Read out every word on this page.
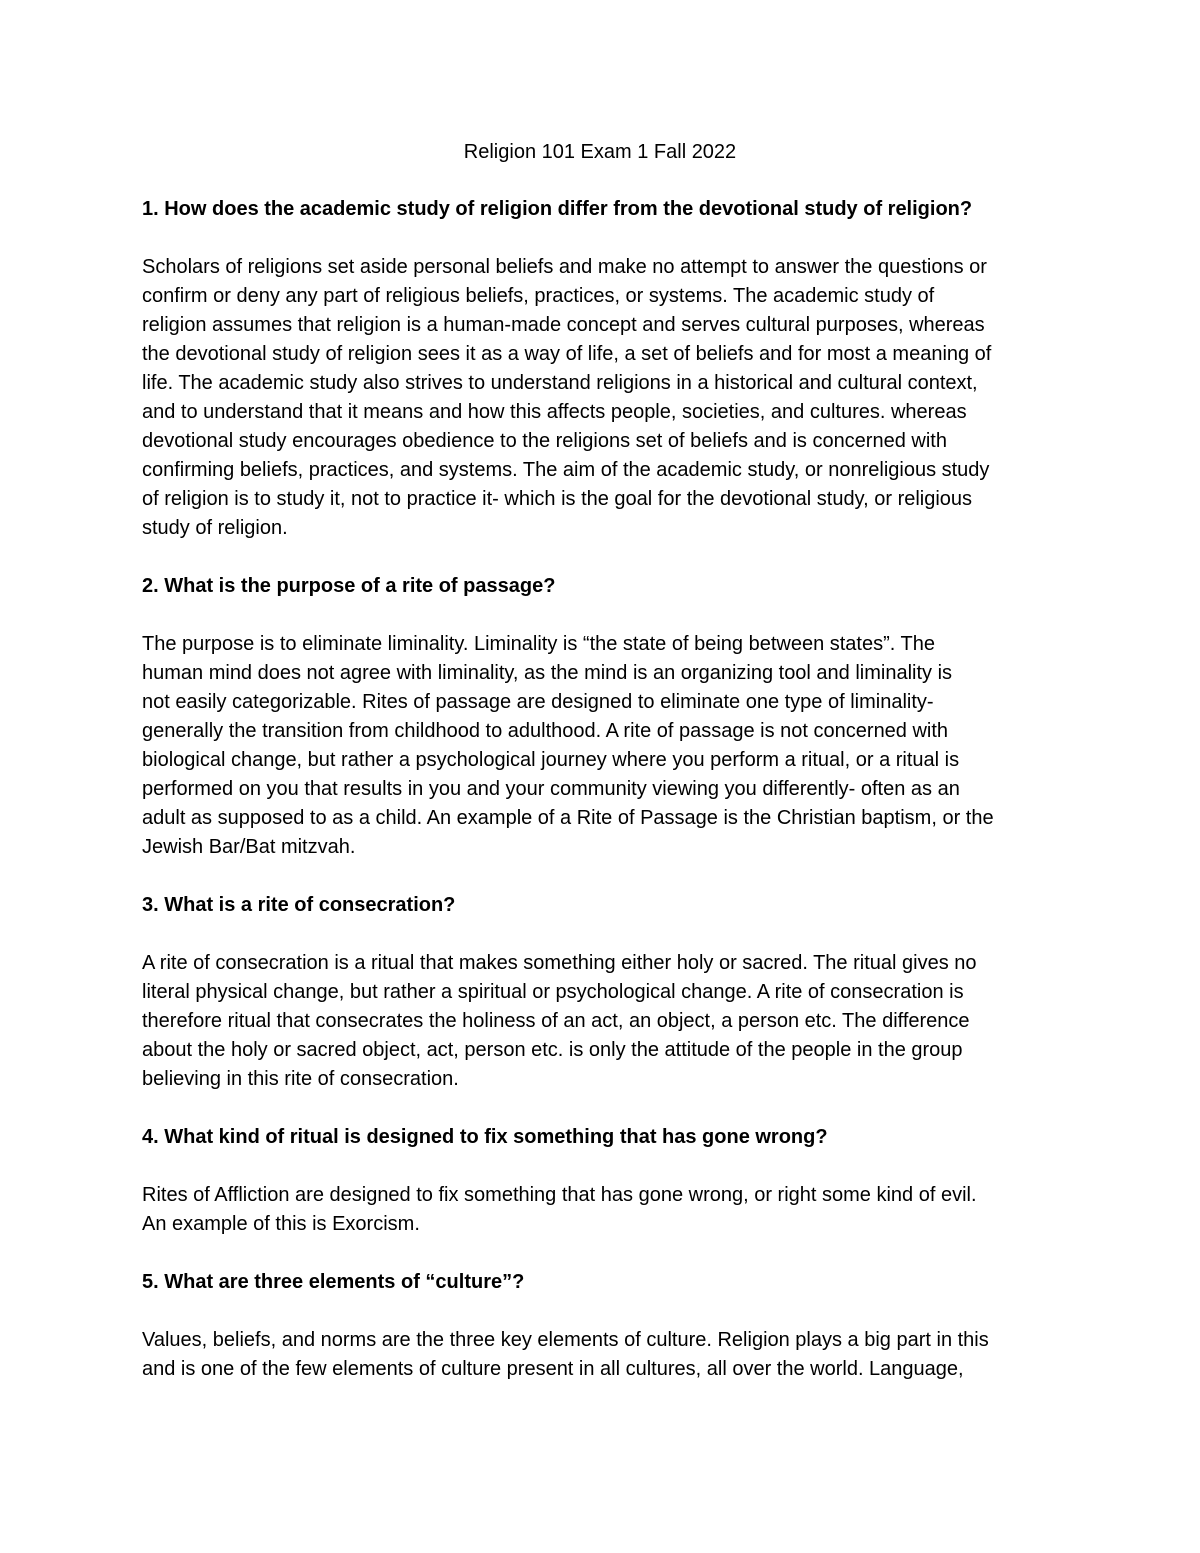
Religion 101 Exam 1 Fall 2022
1. How does the academic study of religion differ from the devotional study of religion?
Scholars of religions set aside personal beliefs and make no attempt to answer the questions or
confirm or deny any part of religious beliefs, practices, or systems. The academic study of
religion assumes that religion is a human-made concept and serves cultural purposes, whereas
the devotional study of religion sees it as a way of life, a set of beliefs and for most a meaning of
life. The academic study also strives to understand religions in a historical and cultural context,
and to understand that it means and how this affects people, societies, and cultures. whereas
devotional study encourages obedience to the religions set of beliefs and is concerned with
confirming beliefs, practices, and systems. The aim of the academic study, or nonreligious study
of religion is to study it, not to practice it- which is the goal for the devotional study, or religious
study of religion.
2. What is the purpose of a rite of passage?
The purpose is to eliminate liminality. Liminality is “the state of being between states”. The
human mind does not agree with liminality, as the mind is an organizing tool and liminality is
not easily categorizable. Rites of passage are designed to eliminate one type of liminality-
generally the transition from childhood to adulthood. A rite of passage is not concerned with
biological change, but rather a psychological journey where you perform a ritual, or a ritual is
performed on you that results in you and your community viewing you differently- often as an
adult as supposed to as a child. An example of a Rite of Passage is the Christian baptism, or the
Jewish Bar/Bat mitzvah.
3. What is a rite of consecration?
A rite of consecration is a ritual that makes something either holy or sacred. The ritual gives no
literal physical change, but rather a spiritual or psychological change. A rite of consecration is
therefore ritual that consecrates the holiness of an act, an object, a person etc. The difference
about the holy or sacred object, act, person etc. is only the attitude of the people in the group
believing in this rite of consecration.
4. What kind of ritual is designed to fix something that has gone wrong?
Rites of Affliction are designed to fix something that has gone wrong, or right some kind of evil.
An example of this is Exorcism.
5. What are three elements of “culture”?
Values, beliefs, and norms are the three key elements of culture. Religion plays a big part in this
and is one of the few elements of culture present in all cultures, all over the world. Language,
